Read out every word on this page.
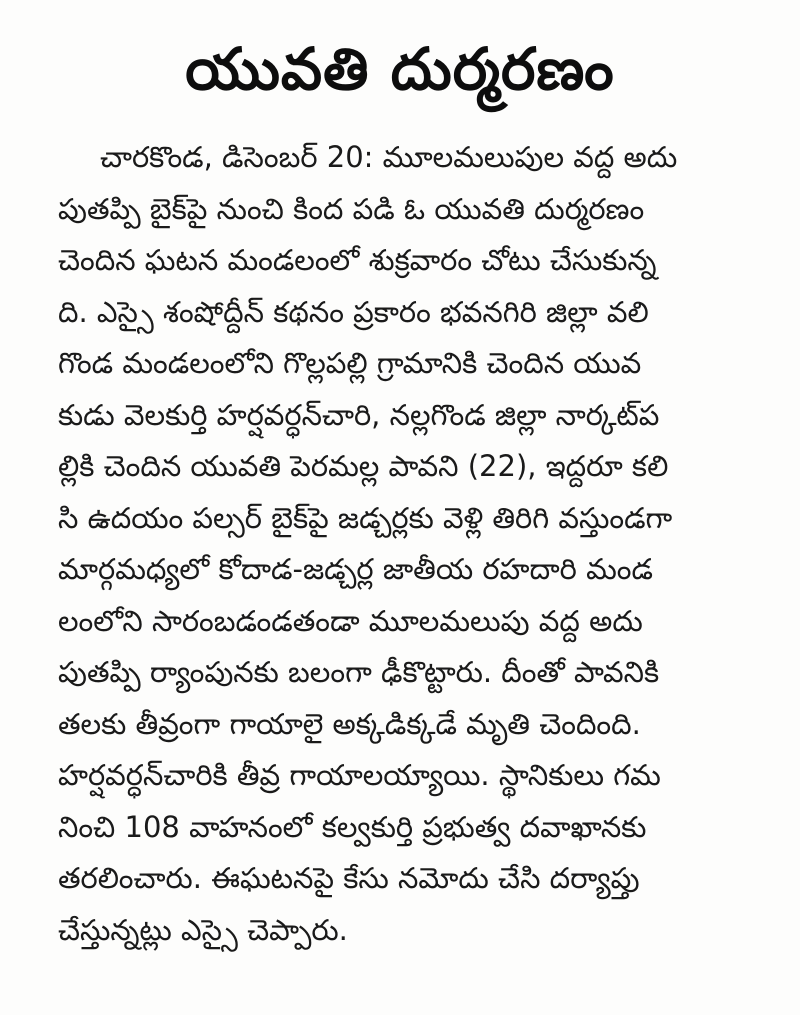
యువతి దుర్మరణం
చారకొండ, డిసెంబర్ 20: మూలమలుపుల వద్ద అదు
పుతప్పి బైక్‌పై నుంచి కింద పడి ఓ యువతి దుర్మరణం
చెందిన ఘటన మండలంలో శుక్రవారం చోటు చేసుకున్న
ది. ఎస్సై శంషోద్దీన్ కథనం ప్రకారం భవనగిరి జిల్లా వలి
గొండ మండలంలోని గొల్లపల్లి గ్రామానికి చెందిన యువ
కుడు వెలకుర్తి హర్షవర్ధన్‌చారి, నల్లగొండ జిల్లా నార్కట్‌ప
ల్లికి చెందిన యువతి పెరమల్ల పావని (22), ఇద్దరూ కలి
సి ఉదయం పల్సర్ బైక్‌పై జడ్చర్లకు వెళ్లి తిరిగి వస్తుండగా
మార్గమధ్యలో కోదాడ-జడ్చర్ల జాతీయ రహదారి మండ
లంలోని సారంబడండతండా మూలమలుపు వద్ద అదు
పుతప్పి ర్యాంపునకు బలంగా ఢీకొట్టారు. దీంతో పావనికి
తలకు తీవ్రంగా గాయాలై అక్కడిక్కడే మృతి చెందింది.
హర్షవర్ధన్‌చారికి తీవ్ర గాయాలయ్యాయి. స్థానికులు గమ
నించి 108 వాహనంలో కల్వకుర్తి ప్రభుత్వ దవాఖానకు
తరలించారు. ఈఘటనపై కేసు నమోదు చేసి దర్యాప్తు
చేస్తున్నట్లు ఎస్సై చెప్పారు.
